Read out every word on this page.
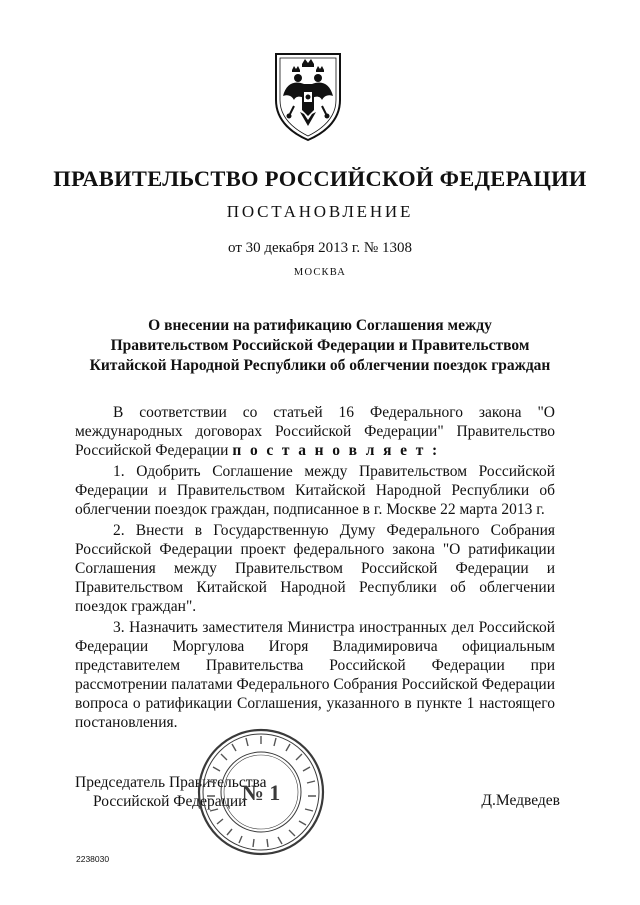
ПРАВИТЕЛЬСТВО РОССИЙСКОЙ ФЕДЕРАЦИИ
ПОСТАНОВЛЕНИЕ
от 30 декабря 2013 г. № 1308
МОСКВА
О внесении на ратификацию Соглашения между
Правительством Российской Федерации и Правительством
Китайской Народной Республики об облегчении поездок граждан

В соответствии со статьей 16 Федерального закона "О международных договорах Российской Федерации" Правительство Российской Федерации п о с т а н о в л я е т :

1. Одобрить Соглашение между Правительством Российской Федерации и Правительством Китайской Народной Республики об облегчении поездок граждан, подписанное в г. Москве 22 марта 2013 г.

2. Внести в Государственную Думу Федерального Собрания Российской Федерации проект федерального закона "О ратификации Соглашения между Правительством Российской Федерации и Правительством Китайской Народной Республики об облегчении поездок граждан".

3. Назначить заместителя Министра иностранных дел Российской Федерации Моргулова Игоря Владимировича официальным представителем Правительства Российской Федерации при рассмотрении палатами Федерального Собрания Российской Федерации вопроса о ратификации Соглашения, указанного в пункте 1 настоящего постановления.

Председатель Правительства
Российской Федерации	Д.Медведев
№ 1
2238030
